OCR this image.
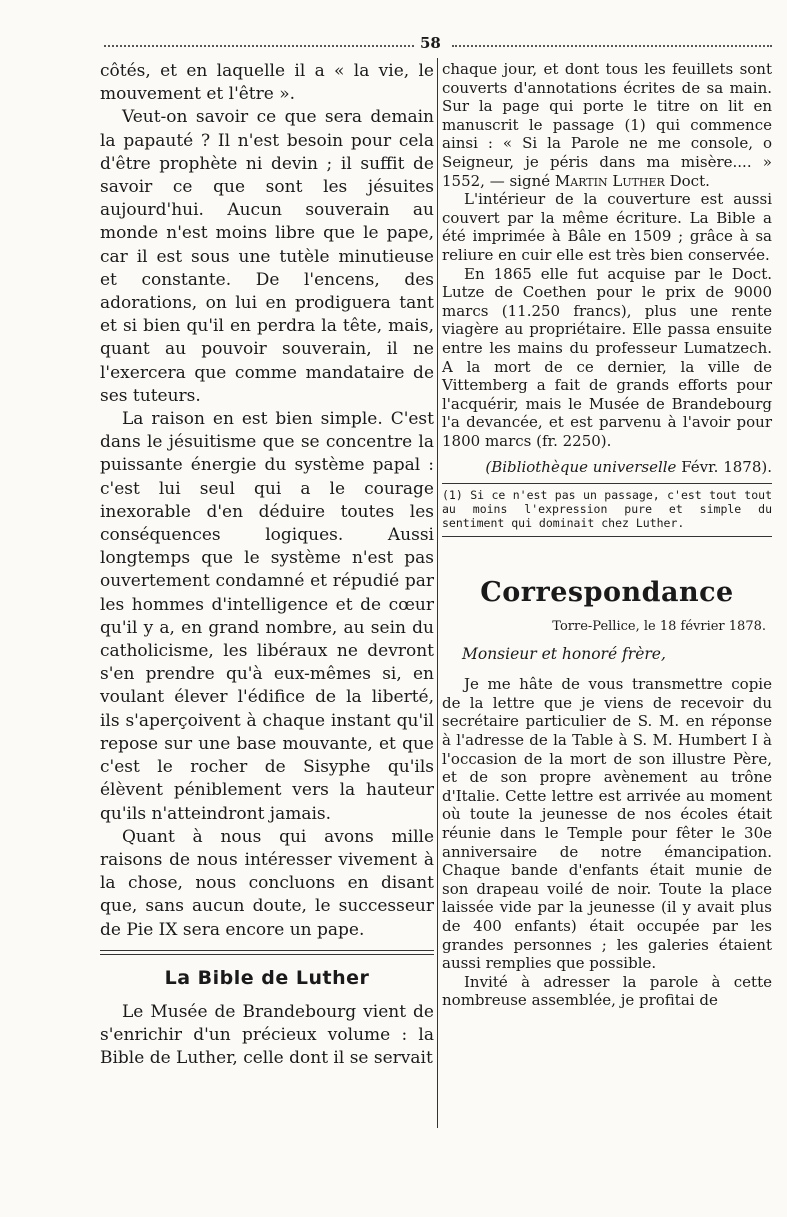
58

côtés, et en laquelle il a « la vie, le mouvement et l'être ».

Veut-on savoir ce que sera demain la papauté ? Il n'est besoin pour cela d'être prophète ni devin ; il suffit de savoir ce que sont les jésuites aujourd'hui. Aucun souverain au monde n'est moins libre que le pape, car il est sous une tutèle minutieuse et constante. De l'encens, des adorations, on lui en prodiguera tant et si bien qu'il en perdra la tête, mais, quant au pouvoir souverain, il ne l'exercera que comme mandataire de ses tuteurs.

La raison en est bien simple. C'est dans le jésuitisme que se concentre la puissante énergie du système papal : c'est lui seul qui a le courage inexorable d'en déduire toutes les conséquences logiques. Aussi longtemps que le système n'est pas ouvertement condamné et répudié par les hommes d'intelligence et de cœur qu'il y a, en grand nombre, au sein du catholicisme, les libéraux ne devront s'en prendre qu'à eux-mêmes si, en voulant élever l'édifice de la liberté, ils s'aperçoivent à chaque instant qu'il repose sur une base mouvante, et que c'est le rocher de Sisyphe qu'ils élèvent péniblement vers la hauteur qu'ils n'atteindront jamais.

Quant à nous qui avons mille raisons de nous intéresser vivement à la chose, nous concluons en disant que, sans aucun doute, le successeur de Pie IX sera encore un pape.

La Bible de Luther

Le Musée de Brandebourg vient de s'enrichir d'un précieux volume : la Bible de Luther, celle dont il se servait

chaque jour, et dont tous les feuillets sont couverts d'annotations écrites de sa main. Sur la page qui porte le titre on lit en manuscrit le passage (1) qui commence ainsi : « Si la Parole ne me console, o Seigneur, je péris dans ma misère.... » 1552, — signé Martin Luther Doct.

L'intérieur de la couverture est aussi couvert par la même écriture. La Bible a été imprimée à Bâle en 1509 ; grâce à sa reliure en cuir elle est très bien conservée.

En 1865 elle fut acquise par le Doct. Lutze de Coethen pour le prix de 9000 marcs (11.250 francs), plus une rente viagère au propriétaire. Elle passa ensuite entre les mains du professeur Lumatzech. A la mort de ce dernier, la ville de Vittemberg a fait de grands efforts pour l'acquérir, mais le Musée de Brandebourg l'a devancée, et est parvenu à l'avoir pour 1800 marcs (fr. 2250).

(Bibliothèque universelle Févr. 1878).

(1) Si ce n'est pas un passage, c'est tout tout au moins l'expression pure et simple du sentiment qui dominait chez Luther.

Correspondance

Torre-Pellice, le 18 février 1878.

Monsieur et honoré frère,

Je me hâte de vous transmettre copie de la lettre que je viens de recevoir du secrétaire particulier de S. M. en réponse à l'adresse de la Table à S. M. Humbert I à l'occasion de la mort de son illustre Père, et de son propre avènement au trône d'Italie. Cette lettre est arrivée au moment où toute la jeunesse de nos écoles était réunie dans le Temple pour fêter le 30e anniversaire de notre émancipation. Chaque bande d'enfants était munie de son drapeau voilé de noir. Toute la place laissée vide par la jeunesse (il y avait plus de 400 enfants) était occupée par les grandes personnes ; les galeries étaient aussi remplies que possible.

Invité à adresser la parole à cette nombreuse assemblée, je profitai de
